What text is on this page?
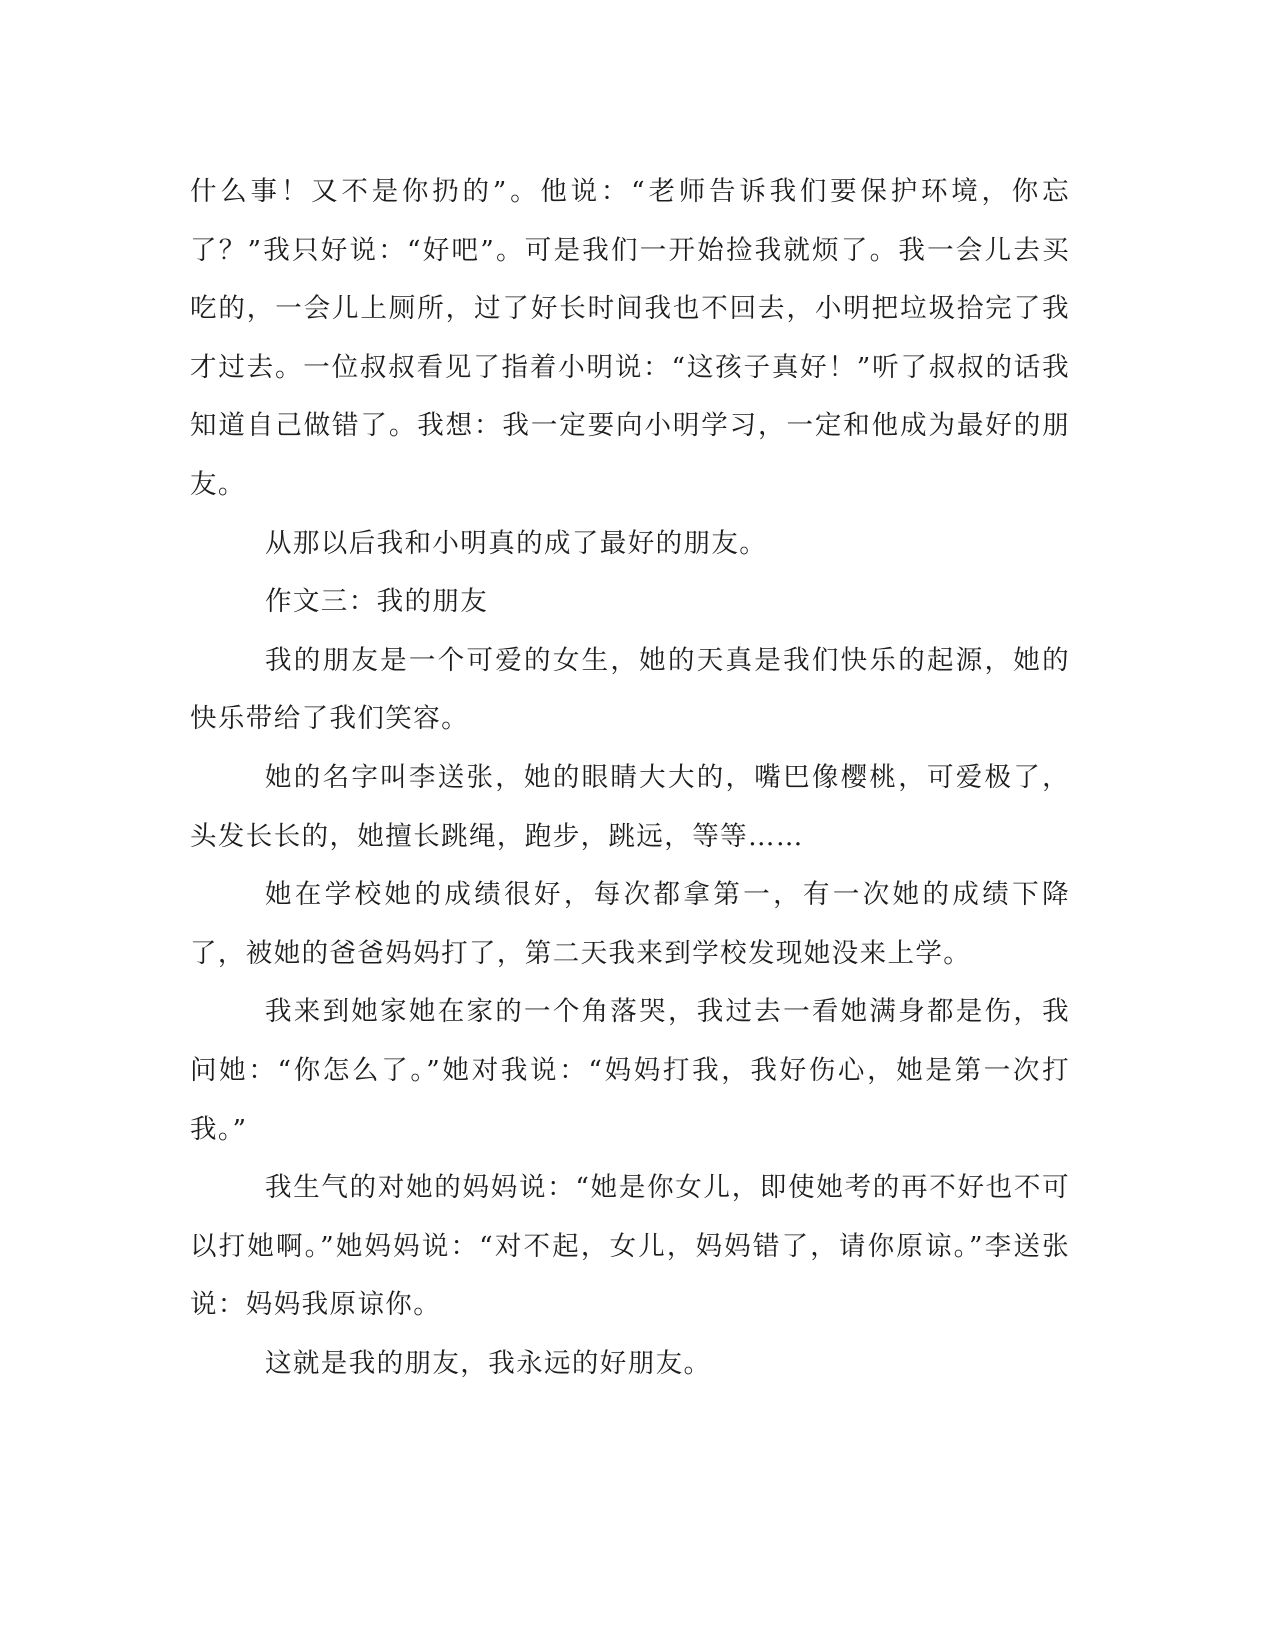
什么事！又不是你扔的”。他说：“老师告诉我们要保护环境，你忘了？”我只好说：“好吧”。可是我们一开始捡我就烦了。我一会儿去买吃的，一会儿上厕所，过了好长时间我也不回去，小明把垃圾拾完了我才过去。一位叔叔看见了指着小明说：“这孩子真好！”听了叔叔的话我知道自己做错了。我想：我一定要向小明学习，一定和他成为最好的朋友。

从那以后我和小明真的成了最好的朋友。

作文三：我的朋友

我的朋友是一个可爱的女生，她的天真是我们快乐的起源，她的快乐带给了我们笑容。

她的名字叫李送张，她的眼睛大大的，嘴巴像樱桃，可爱极了，头发长长的，她擅长跳绳，跑步，跳远，等等……

她在学校她的成绩很好，每次都拿第一，有一次她的成绩下降了，被她的爸爸妈妈打了，第二天我来到学校发现她没来上学。

我来到她家她在家的一个角落哭，我过去一看她满身都是伤，我问她：“你怎么了。”她对我说：“妈妈打我，我好伤心，她是第一次打我。”

我生气的对她的妈妈说：“她是你女儿，即使她考的再不好也不可以打她啊。”她妈妈说：“对不起，女儿，妈妈错了，请你原谅。”李送张说：妈妈我原谅你。

这就是我的朋友，我永远的好朋友。
